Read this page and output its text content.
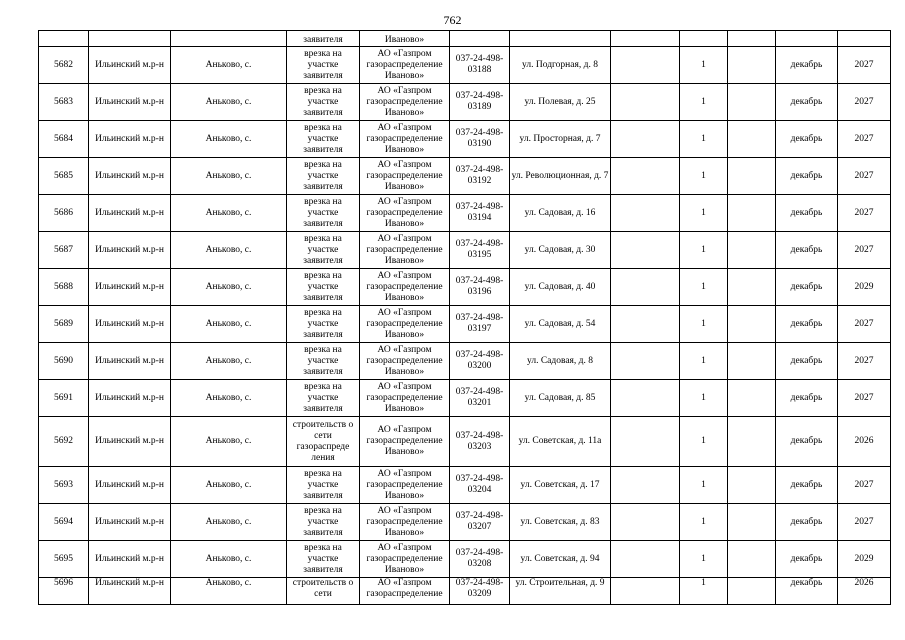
762
			заявителя	Иваново»							
5682	Ильинский м.р-н	Аньково, с.	врезка на участке заявителя	АО «Газпром газораспределение Иваново»	037-24-498-03188	ул. Подгорная, д. 8		1		декабрь	2027
5683	Ильинский м.р-н	Аньково, с.	врезка на участке заявителя	АО «Газпром газораспределение Иваново»	037-24-498-03189	ул. Полевая, д. 25		1		декабрь	2027
5684	Ильинский м.р-н	Аньково, с.	врезка на участке заявителя	АО «Газпром газораспределение Иваново»	037-24-498-03190	ул. Просторная, д. 7		1		декабрь	2027
5685	Ильинский м.р-н	Аньково, с.	врезка на участке заявителя	АО «Газпром газораспределение Иваново»	037-24-498-03192	ул. Революционная, д. 7		1		декабрь	2027
5686	Ильинский м.р-н	Аньково, с.	врезка на участке заявителя	АО «Газпром газораспределение Иваново»	037-24-498-03194	ул. Садовая, д. 16		1		декабрь	2027
5687	Ильинский м.р-н	Аньково, с.	врезка на участке заявителя	АО «Газпром газораспределение Иваново»	037-24-498-03195	ул. Садовая, д. 30		1		декабрь	2027
5688	Ильинский м.р-н	Аньково, с.	врезка на участке заявителя	АО «Газпром газораспределение Иваново»	037-24-498-03196	ул. Садовая, д. 40		1		декабрь	2029
5689	Ильинский м.р-н	Аньково, с.	врезка на участке заявителя	АО «Газпром газораспределение Иваново»	037-24-498-03197	ул. Садовая, д. 54		1		декабрь	2027
5690	Ильинский м.р-н	Аньково, с.	врезка на участке заявителя	АО «Газпром газораспределение Иваново»	037-24-498-03200	ул. Садовая, д. 8		1		декабрь	2027
5691	Ильинский м.р-н	Аньково, с.	врезка на участке заявителя	АО «Газпром газораспределение Иваново»	037-24-498-03201	ул. Садовая, д. 85		1		декабрь	2027
5692	Ильинский м.р-н	Аньково, с.	строительств о сети газораспреде ления	АО «Газпром газораспределение Иваново»	037-24-498-03203	ул. Советская, д. 11а		1		декабрь	2026
5693	Ильинский м.р-н	Аньково, с.	врезка на участке заявителя	АО «Газпром газораспределение Иваново»	037-24-498-03204	ул. Советская, д. 17		1		декабрь	2027
5694	Ильинский м.р-н	Аньково, с.	врезка на участке заявителя	АО «Газпром газораспределение Иваново»	037-24-498-03207	ул. Советская, д. 83		1		декабрь	2027
5695	Ильинский м.р-н	Аньково, с.	врезка на участке заявителя	АО «Газпром газораспределение Иваново»	037-24-498-03208	ул. Советская, д. 94		1		декабрь	2029
5696	Ильинский м.р-н	Аньково, с.	строительств о сети	АО «Газпром газораспределение	037-24-498-03209	ул. Строительная, д. 9		1		декабрь	2026
